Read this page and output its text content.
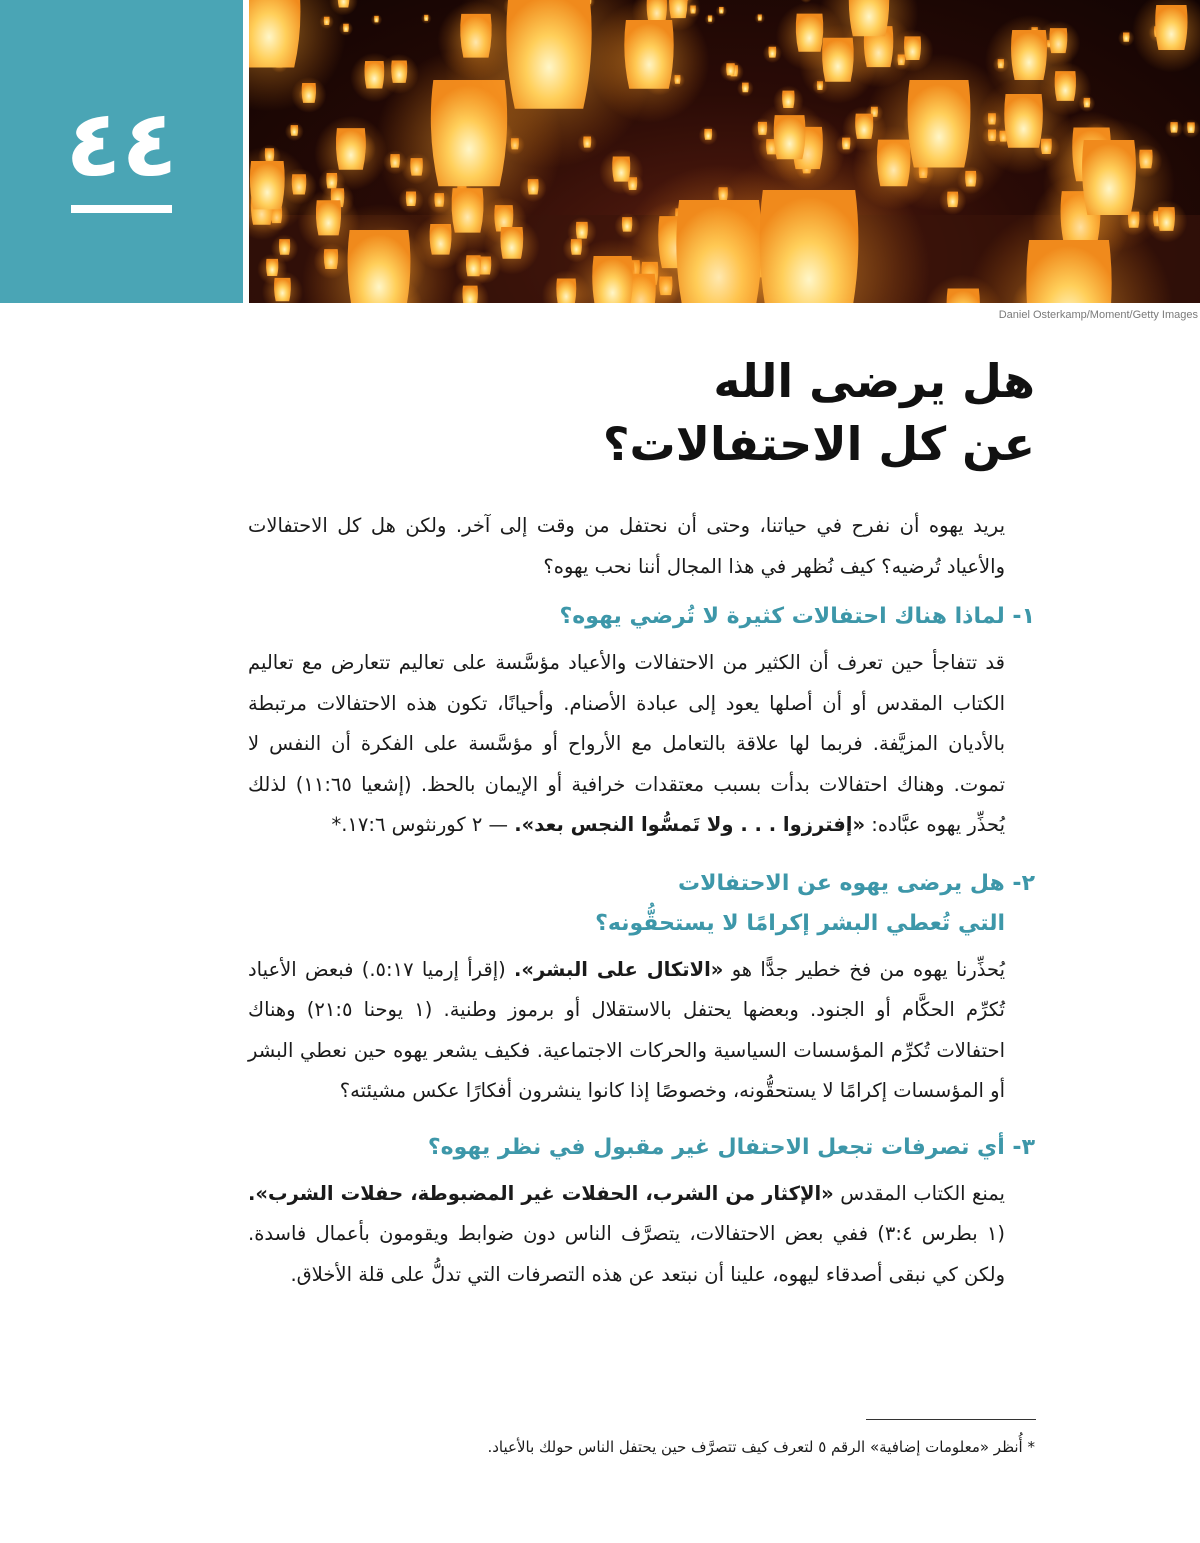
٤٤
Daniel Osterkamp/Moment/Getty Images
هل يرضى الله
عن كل الاحتفالات؟

يريد يهوه أن نفرح في حياتنا، وحتى أن نحتفل من وقت إلى آخر. ولكن هل كل الاحتفالات والأعياد تُرضيه؟ كيف نُظهر في هذا المجال أننا نحب يهوه؟

١- لماذا هناك احتفالات كثيرة لا تُرضي يهوه؟

قد تتفاجأ حين تعرف أن الكثير من الاحتفالات والأعياد مؤسَّسة على تعاليم تتعارض مع تعاليم الكتاب المقدس أو أن أصلها يعود إلى عبادة الأصنام. وأحيانًا، تكون هذه الاحتفالات مرتبطة بالأديان المزيَّفة. فربما لها علاقة بالتعامل مع الأرواح أو مؤسَّسة على الفكرة أن النفس لا تموت. وهناك احتفالات بدأت بسبب معتقدات خرافية أو الإيمان بالحظ. (إشعيا ٦٥:‏١١) لذلك يُحذِّر يهوه عبَّاده: «إفترزوا . . . ولا تَمسُّوا النجس بعد». — ٢ كورنثوس ٦:‏١٧.*

٢- هل يرضى يهوه عن الاحتفالات
التي تُعطي البشر إكرامًا لا يستحقُّونه؟

يُحذِّرنا يهوه من فخ خطير جدًّا هو «الاتكال على البشر». (إقرأ إرميا ١٧:‏٥.) فبعض الأعياد تُكرِّم الحكَّام أو الجنود. وبعضها يحتفل بالاستقلال أو برموز وطنية. (١ يوحنا ٥:‏٢١) وهناك احتفالات تُكرِّم المؤسسات السياسية والحركات الاجتماعية. فكيف يشعر يهوه حين نعطي البشر أو المؤسسات إكرامًا لا يستحقُّونه، وخصوصًا إذا كانوا ينشرون أفكارًا عكس مشيئته؟

٣- أي تصرفات تجعل الاحتفال غير مقبول في نظر يهوه؟

يمنع الكتاب المقدس «الإكثار من الشرب، الحفلات غير المضبوطة، حفلات الشرب». (١ بطرس ٤:‏٣) ففي بعض الاحتفالات، يتصرَّف الناس دون ضوابط ويقومون بأعمال فاسدة. ولكن كي نبقى أصدقاء ليهوه، علينا أن نبتعد عن هذه التصرفات التي تدلُّ على قلة الأخلاق.

* أُنظر «معلومات إضافية» الرقم ٥ لتعرف كيف تتصرَّف حين يحتفل الناس حولك بالأعياد.
